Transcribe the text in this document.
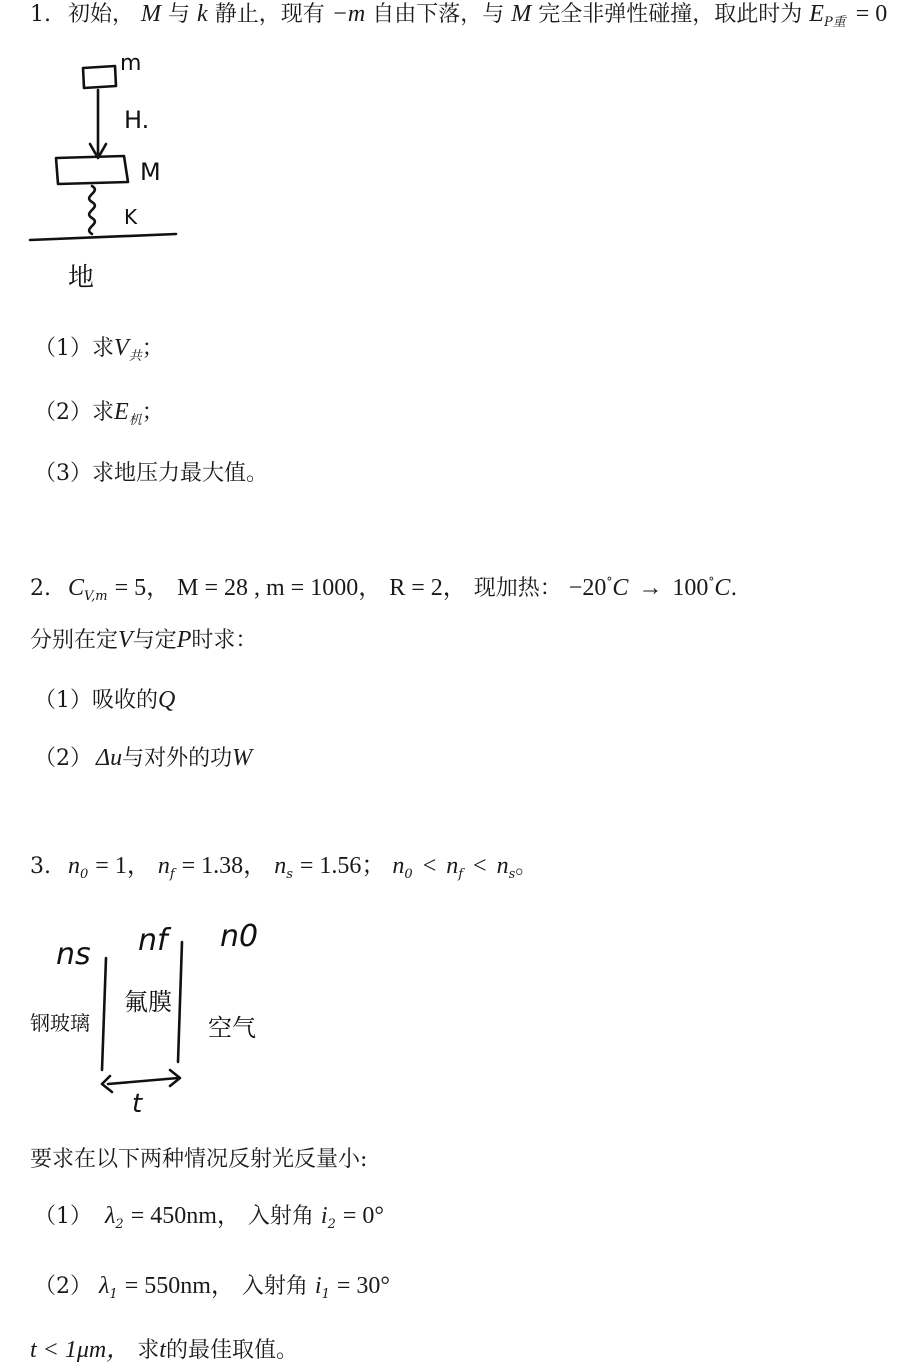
1. 初始， M 与 k 静止，现有 −m 自由下落，与 M 完全非弹性碰撞，取此时为 $E_{P重} = 0$
m
H.
M
K
地
（1）求$V_共$；
（2）求$E_机$；
（3）求地压力最大值。
2. $C_{V,m} = 5$， M = 28 , m = 1000， R = 2， 现加热： −20°C → 100°C.
分别在定V与定P时求：
（1）吸收的Q
（2） Δu与对外的功W
3. $n_0 = 1$， $n_f = 1.38$， $n_s = 1.56$； $n_0 < n_f < n_s$。
ns nf n0
钢玻璃
氟膜
空气
t
要求在以下两种情况反射光反量小:
（1） $\lambda_2 = 450nm$， 入射角 $i_2 = 0^\circ$
（2） $\lambda_1 = 550nm$， 入射角 $i_1 = 30^\circ$
t < 1μm， 求t的最佳取值。
